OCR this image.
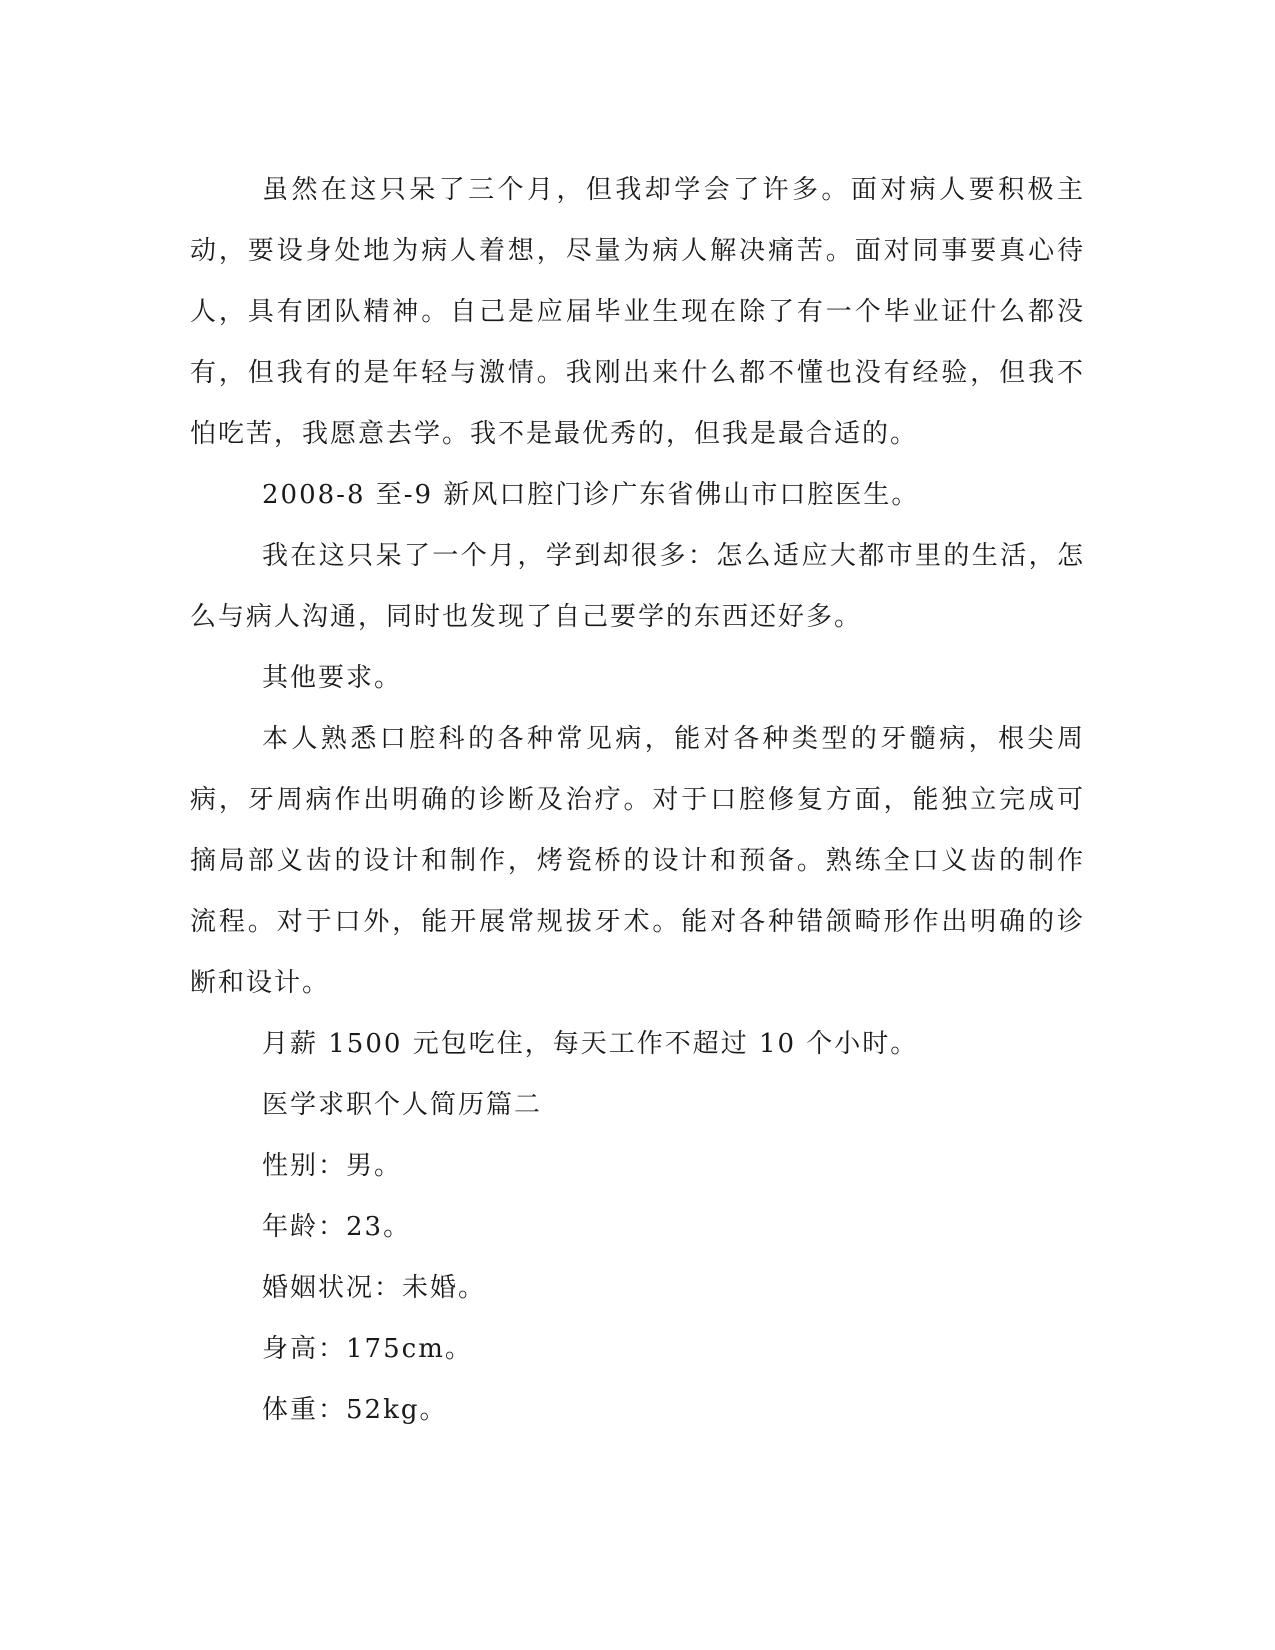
虽然在这只呆了三个月，但我却学会了许多。面对病人要积极主动，要设身处地为病人着想，尽量为病人解决痛苦。面对同事要真心待人，具有团队精神。自己是应届毕业生现在除了有一个毕业证什么都没有，但我有的是年轻与激情。我刚出来什么都不懂也没有经验，但我不怕吃苦，我愿意去学。我不是最优秀的，但我是最合适的。

2008-8 至-9 新风口腔门诊广东省佛山市口腔医生。

我在这只呆了一个月，学到却很多：怎么适应大都市里的生活，怎么与病人沟通，同时也发现了自己要学的东西还好多。

其他要求。

本人熟悉口腔科的各种常见病，能对各种类型的牙髓病，根尖周病，牙周病作出明确的诊断及治疗。对于口腔修复方面，能独立完成可摘局部义齿的设计和制作，烤瓷桥的设计和预备。熟练全口义齿的制作流程。对于口外，能开展常规拔牙术。能对各种错颌畸形作出明确的诊断和设计。

月薪 1500 元包吃住，每天工作不超过 10 个小时。

医学求职个人简历篇二

性别：男。

年龄：23。

婚姻状况：未婚。

身高：175cm。

体重：52kg。
